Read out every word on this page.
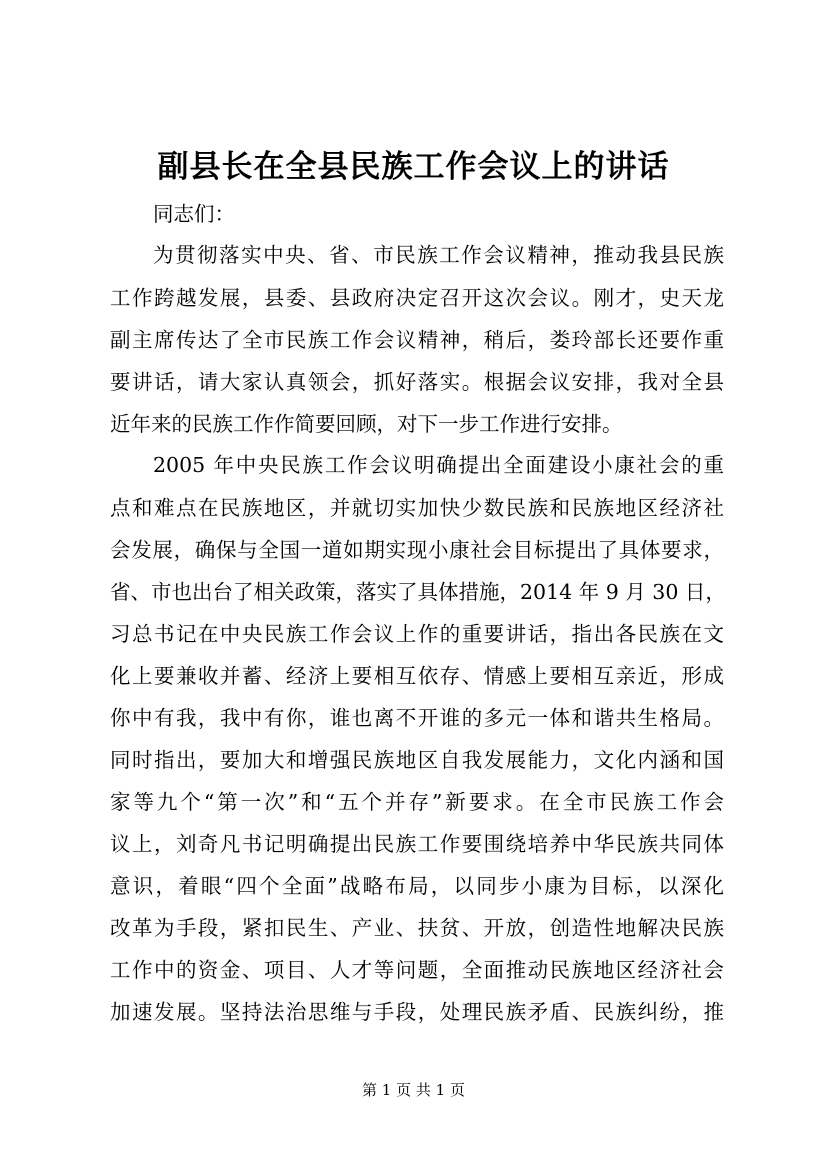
副县长在全县民族工作会议上的讲话
同志们：
为贯彻落实中央、省、市民族工作会议精神，推动我县民族
工作跨越发展，县委、县政府决定召开这次会议。刚才，史天龙
副主席传达了全市民族工作会议精神，稍后，娄玲部长还要作重
要讲话，请大家认真领会，抓好落实。根据会议安排，我对全县
近年来的民族工作作简要回顾，对下一步工作进行安排。
2005 年中央民族工作会议明确提出全面建设小康社会的重
点和难点在民族地区，并就切实加快少数民族和民族地区经济社
会发展，确保与全国一道如期实现小康社会目标提出了具体要求，
省、市也出台了相关政策，落实了具体措施，2014 年 9 月 30 日，
习总书记在中央民族工作会议上作的重要讲话，指出各民族在文
化上要兼收并蓄、经济上要相互依存、情感上要相互亲近，形成
你中有我，我中有你，谁也离不开谁的多元一体和谐共生格局。
同时指出，要加大和增强民族地区自我发展能力，文化内涵和国
家等九个“第一次”和“五个并存”新要求。在全市民族工作会
议上，刘奇凡书记明确提出民族工作要围绕培养中华民族共同体
意识，着眼“四个全面”战略布局，以同步小康为目标，以深化
改革为手段，紧扣民生、产业、扶贫、开放，创造性地解决民族
工作中的资金、项目、人才等问题，全面推动民族地区经济社会
加速发展。坚持法治思维与手段，处理民族矛盾、民族纠纷，推
第 1 页 共 1 页
